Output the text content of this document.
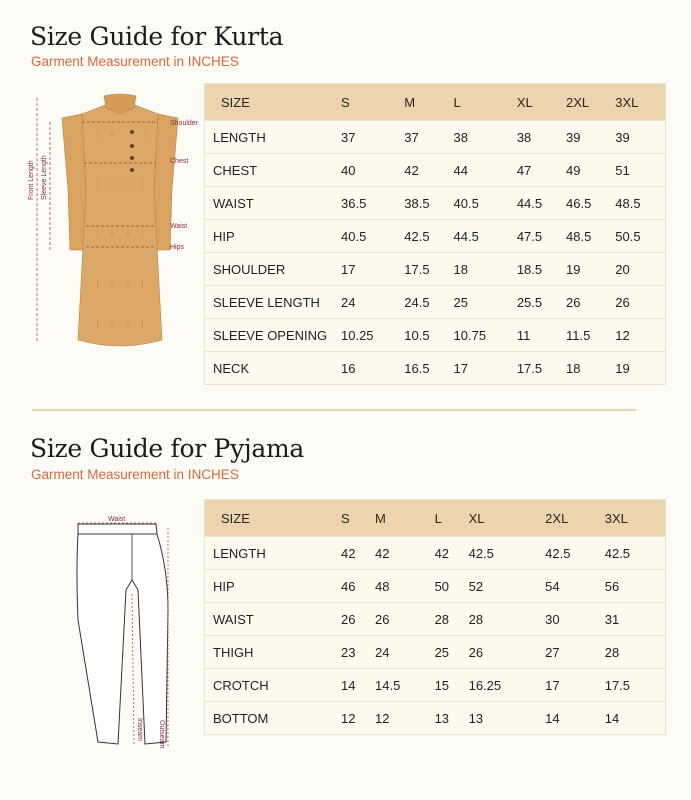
Size Guide for Kurta

Garment Measurement in INCHES

Shoulder
Chest
Waist
Hips
Front Length Sleeve Length
SIZE	S	M	L	XL	2XL	3XL
LENGTH	37	37	38	38	39	39
CHEST	40	42	44	47	49	51
WAIST	36.5	38.5	40.5	44.5	46.5	48.5
HIP	40.5	42.5	44.5	47.5	48.5	50.5
SHOULDER	17	17.5	18	18.5	19	20
SLEEVE LENGTH	24	24.5	25	25.5	26	26
SLEEVE OPENING	10.25	10.5	10.75	11	11.5	12
NECK	16	16.5	17	17.5	18	19
Size Guide for Pyjama

Garment Measurement in INCHES

Waist
Inseam Outseam
SIZE	S	M	L	XL	2XL	3XL
LENGTH	42	42	42	42.5	42.5	42.5
HIP	46	48	50	52	54	56
WAIST	26	26	28	28	30	31
THIGH	23	24	25	26	27	28
CROTCH	14	14.5	15	16.25	17	17.5
BOTTOM	12	12	13	13	14	14
